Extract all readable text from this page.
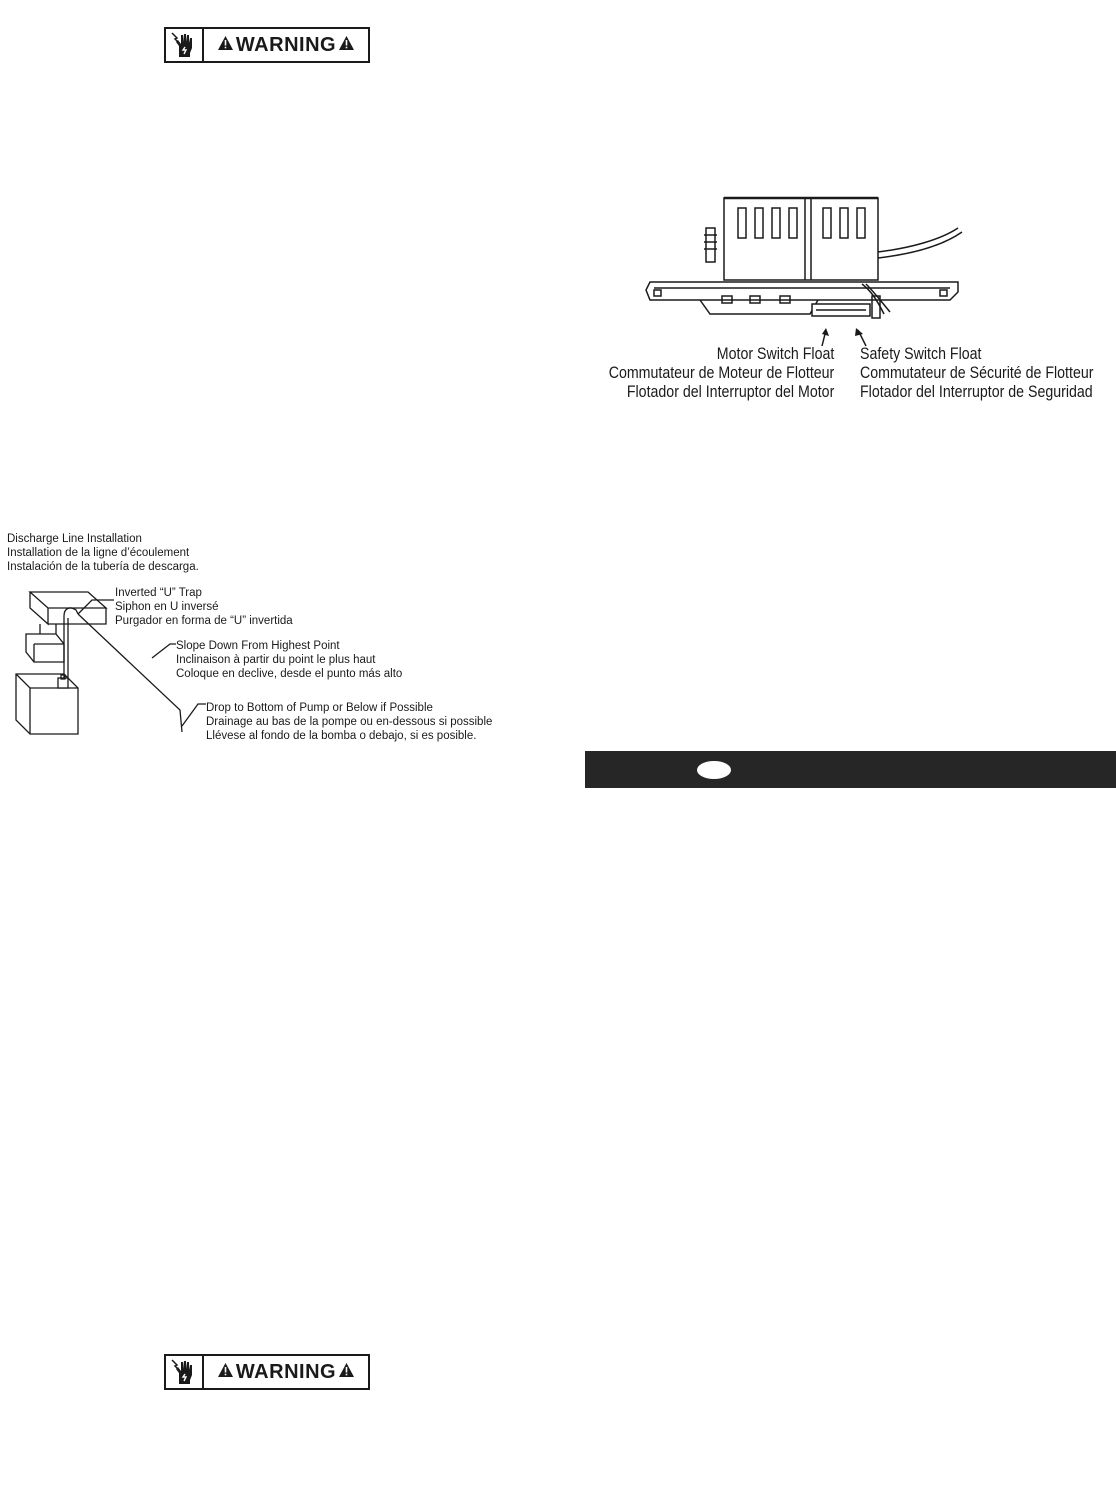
WARNING
Motor Switch Float
Commutateur de Moteur de Flotteur
Flotador del Interruptor del Motor
Safety Switch Float
Commutateur de Sécurité de Flotteur
Flotador del Interruptor de Seguridad
Discharge Line Installation
Installation de la ligne d’écoulement
Instalación de la tubería de descarga.
Inverted “U” Trap
Siphon en U inversé
Purgador en forma de “U” invertida
Slope Down From Highest Point
Inclinaison à partir du point le plus haut
Coloque en declive, desde el punto más alto
Drop to Bottom of Pump or Below if Possible
Drainage au bas de la pompe ou en-dessous si possible
Llévese al fondo de la bomba o debajo, si es posible.
WARNING
